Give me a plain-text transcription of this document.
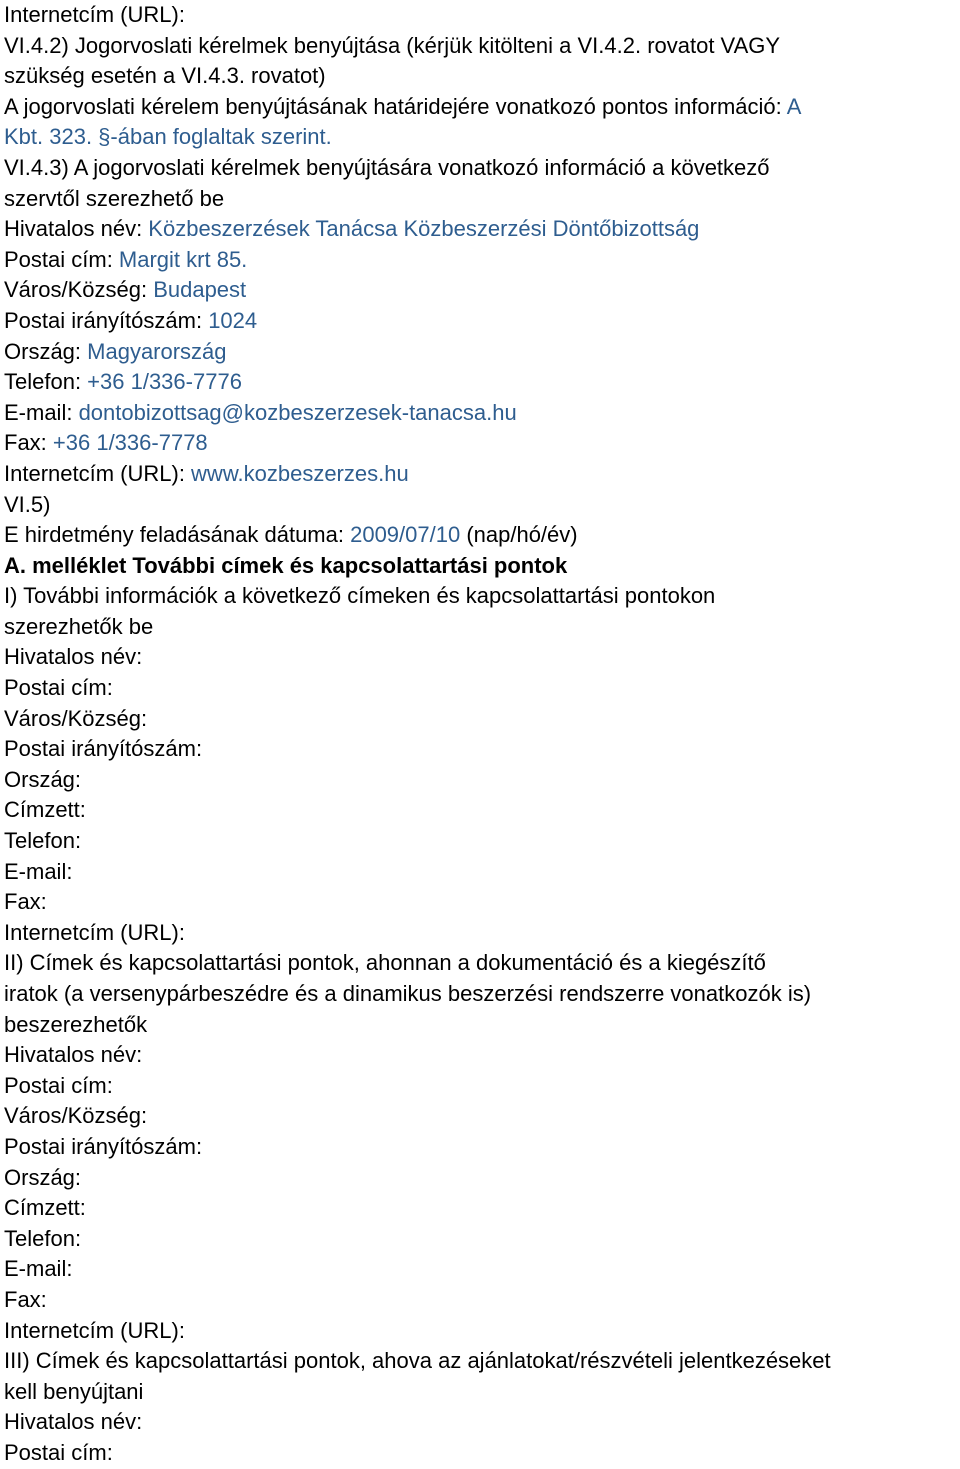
Internetcím (URL):
VI.4.2) Jogorvoslati kérelmek benyújtása (kérjük kitölteni a VI.4.2. rovatot VAGY
szükség esetén a VI.4.3. rovatot)
A jogorvoslati kérelem benyújtásának határidejére vonatkozó pontos információ: A
Kbt. 323. §-ában foglaltak szerint.
VI.4.3) A jogorvoslati kérelmek benyújtására vonatkozó információ a következő
szervtől szerezhető be
Hivatalos név: Közbeszerzések Tanácsa Közbeszerzési Döntőbizottság
Postai cím: Margit krt 85.
Város/Község: Budapest
Postai irányítószám: 1024
Ország: Magyarország
Telefon: +36 1/336-7776
E-mail: dontobizottsag@kozbeszerzesek-tanacsa.hu
Fax: +36 1/336-7778
Internetcím (URL): www.kozbeszerzes.hu
VI.5)
E hirdetmény feladásának dátuma: 2009/07/10 (nap/hó/év)
A. melléklet További címek és kapcsolattartási pontok
I) További információk a következő címeken és kapcsolattartási pontokon
szerezhetők be
Hivatalos név:
Postai cím:
Város/Község:
Postai irányítószám:
Ország:
Címzett:
Telefon:
E-mail:
Fax:
Internetcím (URL):
II) Címek és kapcsolattartási pontok, ahonnan a dokumentáció és a kiegészítő
iratok (a versenypárbeszédre és a dinamikus beszerzési rendszerre vonatkozók is)
beszerezhetők
Hivatalos név:
Postai cím:
Város/Község:
Postai irányítószám:
Ország:
Címzett:
Telefon:
E-mail:
Fax:
Internetcím (URL):
III) Címek és kapcsolattartási pontok, ahova az ajánlatokat/részvételi jelentkezéseket
kell benyújtani
Hivatalos név:
Postai cím:
